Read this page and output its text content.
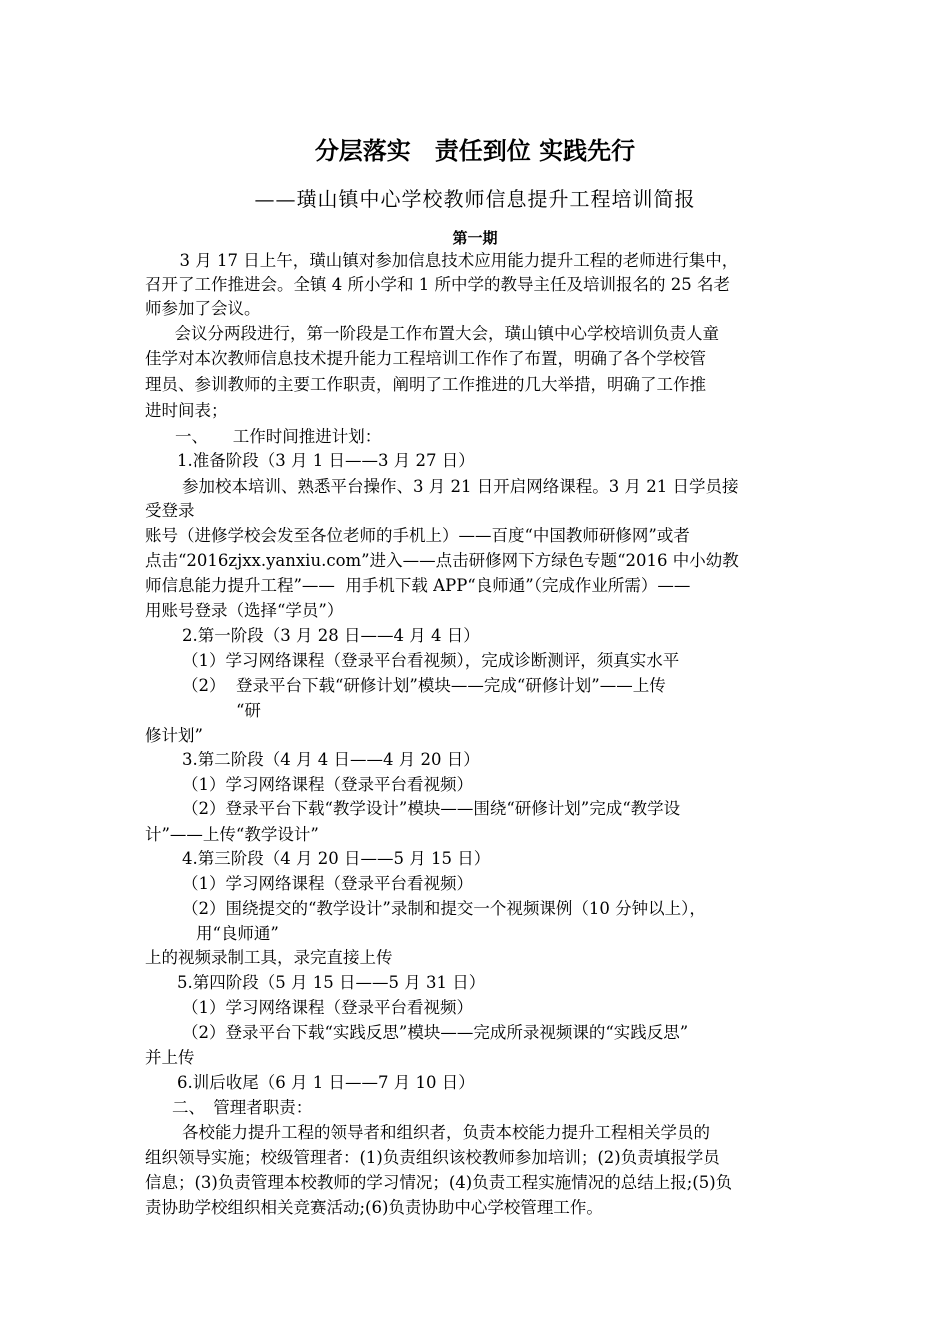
分层落实　责任到位 实践先行
——璜山镇中心学校教师信息提升工程培训简报
第一期
　3 月 17 日上午，璜山镇对参加信息技术应用能力提升工程的老师进行集中，
召开了工作推进会。全镇 4 所小学和 1 所中学的教导主任及培训报名的 25 名老
师参加了会议。
　会议分两段进行，第一阶段是工作布置大会，璜山镇中心学校培训负责人童
佳学对本次教师信息技术提升能力工程培训工作作了布置，明确了各个学校管
理员、参训教师的主要工作职责，阐明了工作推进的几大举措，明确了工作推
进时间表；
一、　　工作时间推进计划：
1.准备阶段（3 月 1 日——3 月 27 日）
参加校本培训、熟悉平台操作、3 月 21 日开启网络课程。3 月 21 日学员接
受登录
账号（进修学校会发至各位老师的手机上）——百度“中国教师研修网”或者
点击“2016zjxx.yanxiu.com”进入——点击研修网下方绿色专题“2016 中小幼教
师信息能力提升工程”——  用手机下载 APP“良师通”（完成作业所需）——
用账号登录（选择“学员”）
2.第一阶段（3 月 28 日——4 月 4 日）
（1）学习网络课程（登录平台看视频），完成诊断测评，须真实水平
（2）  登录平台下载“研修计划”模块——完成“研修计划”——上传
“研
修计划”
3.第二阶段（4 月 4 日——4 月 20 日）
（1）学习网络课程（登录平台看视频）
（2）登录平台下载“教学设计”模块——围绕“研修计划”完成“教学设
计”——上传“教学设计”
4.第三阶段（4 月 20 日——5 月 15 日）
（1）学习网络课程（登录平台看视频）
（2）围绕提交的“教学设计”录制和提交一个视频课例（10 分钟以上），
用“良师通”
上的视频录制工具，录完直接上传
5.第四阶段（5 月 15 日——5 月 31 日）
（1）学习网络课程（登录平台看视频）
（2）登录平台下载“实践反思”模块——完成所录视频课的“实践反思”
并上传
6.训后收尾（6 月 1 日——7 月 10 日）
二、　管理者职责：
各校能力提升工程的领导者和组织者，负责本校能力提升工程相关学员的
组织领导实施；校级管理者：(1)负责组织该校教师参加培训；(2)负责填报学员
信息；(3)负责管理本校教师的学习情况；(4)负责工程实施情况的总结上报;(5)负
责协助学校组织相关竞赛活动;(6)负责协助中心学校管理工作。
